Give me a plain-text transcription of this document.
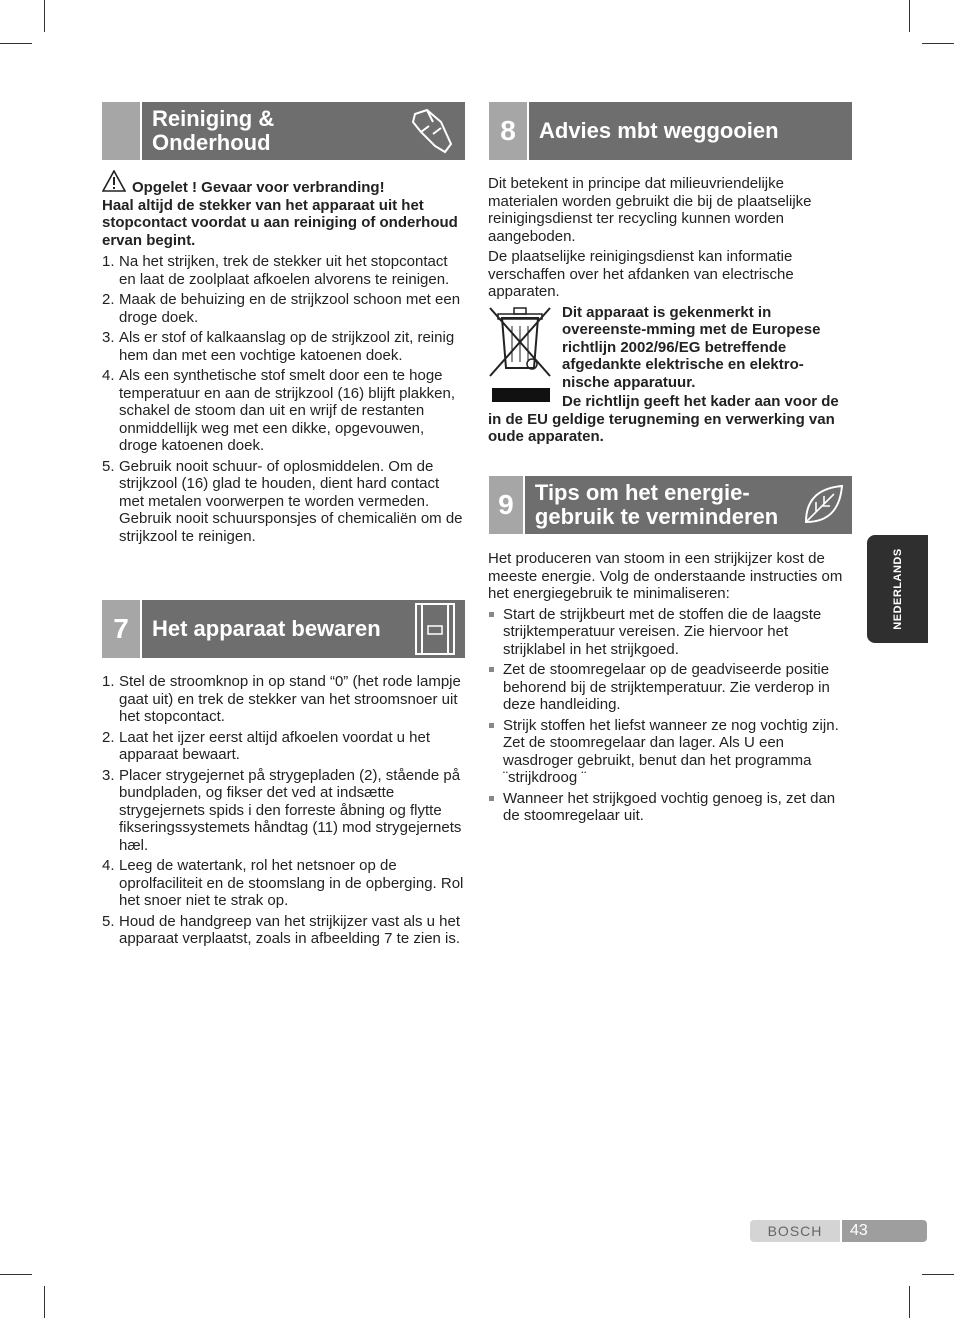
Reiniging & Onderhoud
Opgelet ! Gevaar voor verbranding!

Haal altijd de stekker van het apparaat uit het stopcontact voordat u aan reiniging of onderhoud ervan begint.

1. Na het strijken, trek de stekker uit het stopcontact en laat de zoolplaat afkoelen alvorens te reinigen.
2. Maak de behuizing en de strijkzool schoon met een droge doek.
3. Als er stof of kalkaanslag op de strijkzool zit, reinig hem dan met een vochtige katoenen doek.
4. Als een synthetische stof smelt door een te hoge temperatuur en aan de strijkzool (16) blijft plakken, schakel de stoom dan uit en wrijf de restanten onmiddellijk weg met een dikke, opgevouwen, droge katoenen doek.
5. Gebruik nooit schuur- of oplosmiddelen. Om de strijkzool (16) glad te houden, dient hard contact met metalen voorwerpen te worden vermeden. Gebruik nooit schuursponsjes of chemicaliën om de strijkzool te reinigen.
7	Het apparaat bewaren
1. Stel de stroomknop in op stand “0” (het rode lampje gaat uit) en trek de stekker van het stroomsnoer uit het stopcontact.
2. Laat het ijzer eerst altijd afkoelen voordat u het apparaat bewaart.
3. Placer strygejernet på strygepladen (2), stående på bundpladen, og fikser det ved at indsætte strygejernets spids i den forreste åbning og flytte fikseringssystemets håndtag (11) mod strygejernets hæl.
4. Leeg de watertank, rol het netsnoer op de oprolfaciliteit en de stoomslang in de opberging. Rol het snoer niet te strak op.
5. Houd de handgreep van het strijkijzer vast als u het apparaat verplaatst, zoals in afbeelding 7 te zien is.
8	Advies mbt weggooien

Dit betekent in principe dat milieuvriendelijke materialen worden gebruikt die bij de plaatselijke reinigingsdienst ter recycling kunnen worden aangeboden.

De plaatselijke reinigingsdienst kan informatie verschaffen over het afdanken van electrische apparaten.

Dit apparaat is gekenmerkt in overeenste-mming met de Europese richtlijn 2002/96/EG betreffende afgedankte elektrische en elektro-nische apparatuur.

De richtlijn geeft het kader aan voor de in de EU geldige terugneming en verwerking van oude apparaten.

9 Tips om het energie-gebruik te verminderen

Het produceren van stoom in een strijkijzer kost de meeste energie. Volg de onderstaande instructies om het energiegebruik te minimaliseren:

Start de strijkbeurt met de stoffen die de laagste strijktemperatuur vereisen. Zie hiervoor het strijklabel in het strijkgoed.
Zet de stoomregelaar op de geadviseerde positie behorend bij de strijktemperatuur. Zie verderop in deze handleiding.
Strijk stoffen het liefst wanneer ze nog vochtig zijn. Zet de stoomregelaar dan lager. Als U een wasdroger gebruikt, benut dan het programma ¨strijkdroog ¨
Wanneer het strijkgoed vochtig genoeg is, zet dan de stoomregelaar uit.
NEDERLANDS
BOSCH	43
